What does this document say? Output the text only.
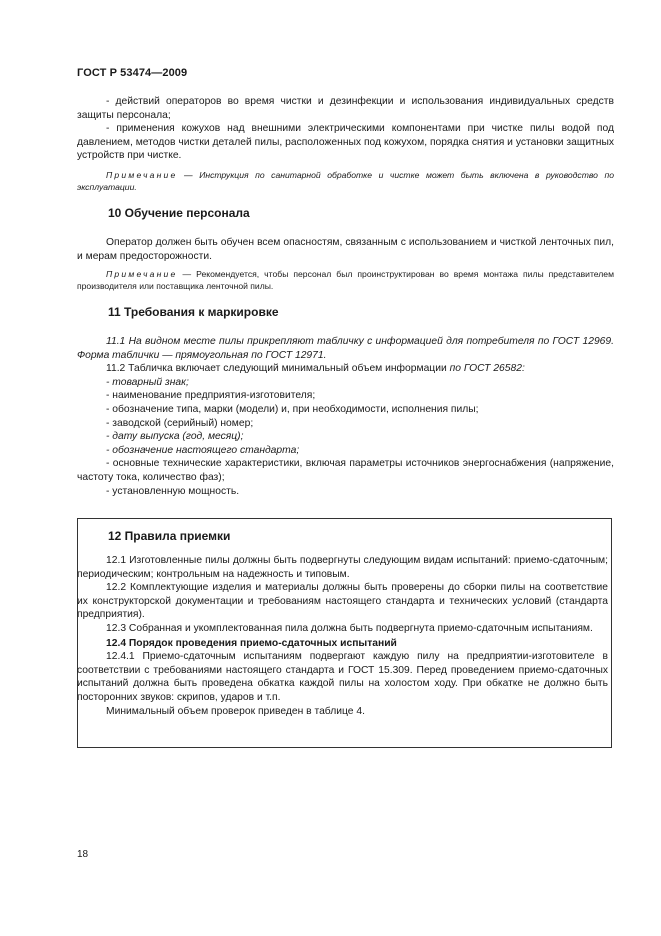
ГОСТ Р 53474—2009

- действий операторов во время чистки и дезинфекции и использования индивидуальных средств защиты персонала;

- применения кожухов над внешними электрическими компонентами при чистке пилы водой под давлением, методов чистки деталей пилы, расположенных под кожухом, порядка снятия и установки защитных устройств при чистке.

Примечание — Инструкция по санитарной обработке и чистке может быть включена в руководство по эксплуатации.

10 Обучение персонала

Оператор должен быть обучен всем опасностям, связанным с использованием и чисткой ленточных пил, и мерам предосторожности.

Примечание — Рекомендуется, чтобы персонал был проинструктирован во время монтажа пилы представителем производителя или поставщика ленточной пилы.

11 Требования к маркировке

11.1 На видном месте пилы прикрепляют табличку с информацией для потребителя по ГОСТ 12969. Форма таблички — прямоугольная по ГОСТ 12971.

11.2 Табличка включает следующий минимальный объем информации по ГОСТ 26582:

- товарный знак;

- наименование предприятия-изготовителя;

- обозначение типа, марки (модели) и, при необходимости, исполнения пилы;

- заводской (серийный) номер;

- дату выпуска (год, месяц);

- обозначение настоящего стандарта;

- основные технические характеристики, включая параметры источников энергоснабжения (напряжение, частоту тока, количество фаз);

- установленную мощность.

12 Правила приемки

12.1 Изготовленные пилы должны быть подвергнуты следующим видам испытаний: приемо-сдаточным; периодическим; контрольным на надежность и типовым.

12.2 Комплектующие изделия и материалы должны быть проверены до сборки пилы на соответствие их конструкторской документации и требованиям настоящего стандарта и технических условий (стандарта предприятия).

12.3 Собранная и укомплектованная пила должна быть подвергнута приемо-сдаточным испытаниям.

12.4 Порядок проведения приемо-сдаточных испытаний

12.4.1 Приемо-сдаточным испытаниям подвергают каждую пилу на предприятии-изготовителе в соответствии с требованиями настоящего стандарта и ГОСТ 15.309. Перед проведением приемо-сдаточных испытаний должна быть проведена обкатка каждой пилы на холостом ходу. При обкатке не должно быть посторонних звуков: скрипов, ударов и т.п.

Минимальный объем проверок приведен в таблице 4.

18
